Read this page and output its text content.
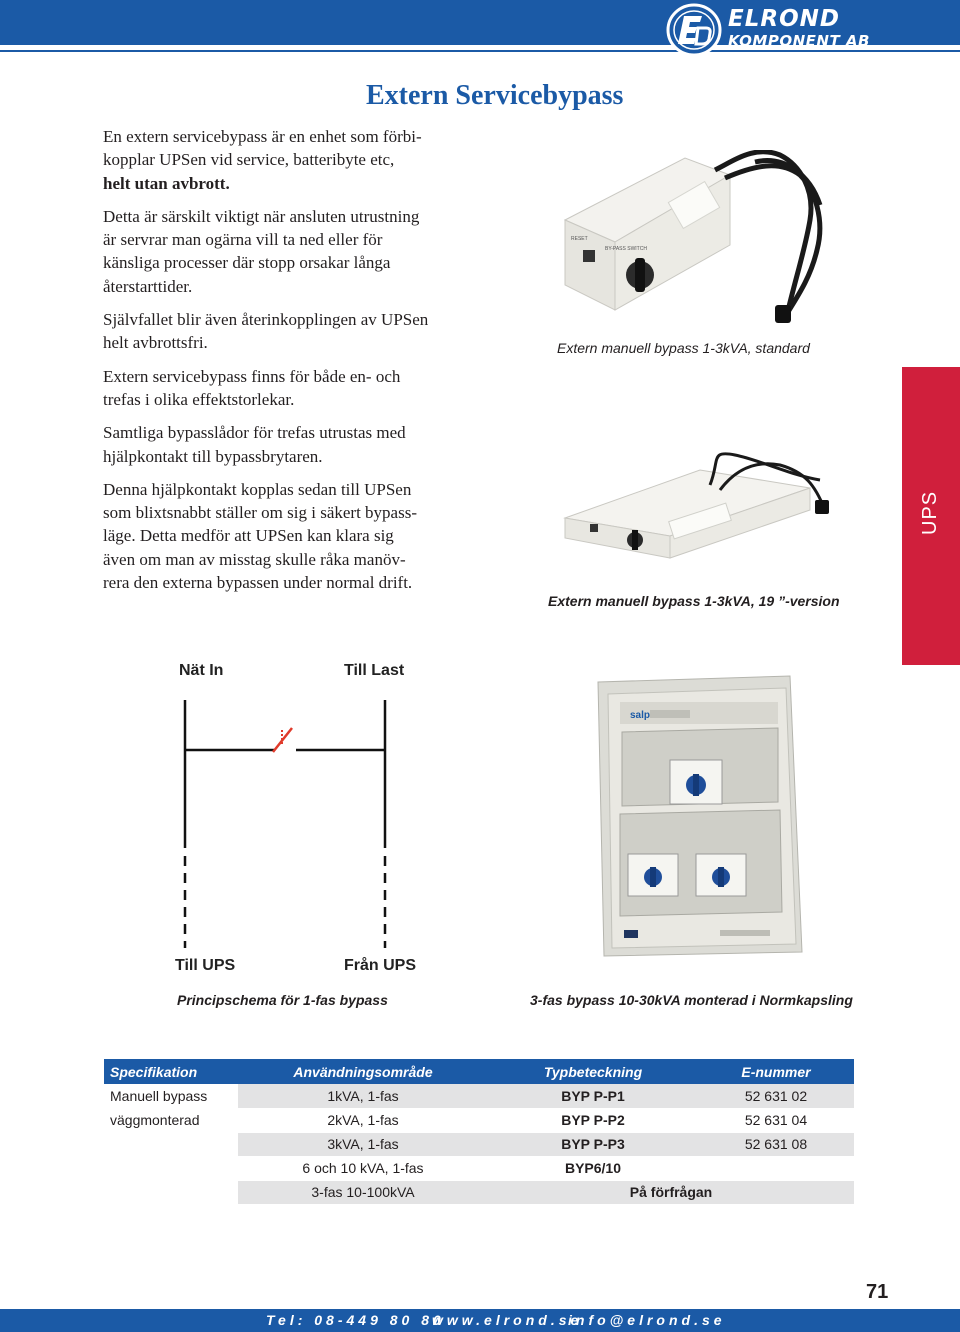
ELROND
KOMPONENT AB
Extern Servicebypass

En extern servicebypass är en enhet som förbi-
kopplar UPSen vid service, batteribyte etc,
helt utan avbrott.

Detta är särskilt viktigt när ansluten utrustning
är servrar man ogärna vill ta ned eller för
känsliga processer där stopp orsakar långa
återstarttider.

Självfallet blir även återinkopplingen av UPSen
helt avbrottsfri.

Extern servicebypass finns för både en- och
trefas i olika effektstorlekar.

Samtliga bypasslådor för trefas utrustas med
hjälpkontakt till bypassbrytaren.

Denna hjälpkontakt kopplas sedan till UPSen
som blixtsnabbt ställer om sig i säkert bypass-
läge. Detta medför att UPSen kan klara sig
även om man av misstag skulle råka manöv-
rera den externa bypassen under normal drift.

RESET
BY-PASS SWITCH
Extern manuell bypass 1-3kVA, standard
Extern manuell bypass 1-3kVA, 19 ”-version
UPS
Nät In	Till Last
Till UPS	Från UPS
Principschema för 1-fas bypass
salp
3-fas bypass 10-30kVA monterad i Normkapsling
Specifikation	Användningsområde	Typbeteckning	E-nummer
Manuell bypass	1kVA, 1-fas	BYP P-P1	52 631 02
väggmonterad	2kVA, 1-fas	BYP P-P2	52 631 04
	3kVA, 1-fas	BYP P-P3	52 631 08
	6 och 10 kVA, 1-fas	BYP6/10	
	3-fas 10-100kVA	På förfrågan	
71
Tel: 08-449 80 80
www.elrond.se
info@elrond.se
